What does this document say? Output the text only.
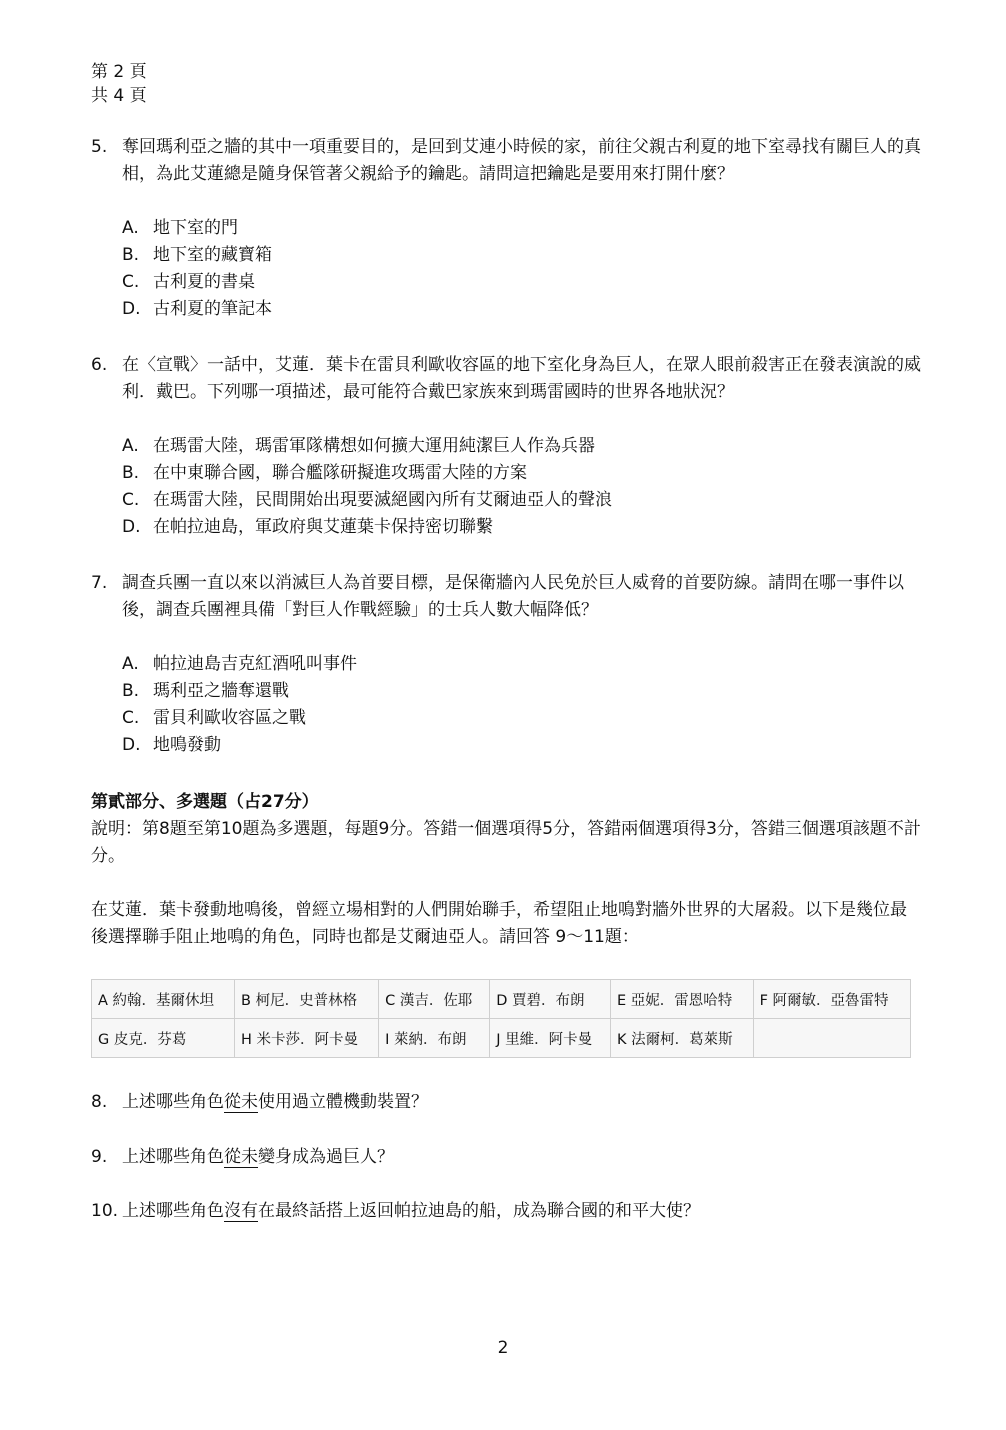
第 2 頁
共 4 頁
5. 奪回瑪利亞之牆的其中一項重要目的，是回到艾連小時候的家，前往父親古利夏的地下室尋找有關巨人的真相，為此艾蓮總是隨身保管著父親給予的鑰匙。請問這把鑰匙是要用來打開什麼？
A. 地下室的門
B. 地下室的藏寶箱
C. 古利夏的書桌
D. 古利夏的筆記本
6. 在〈宣戰〉一話中，艾蓮．葉卡在雷貝利歐收容區的地下室化身為巨人，在眾人眼前殺害正在發表演說的威利．戴巴。下列哪一項描述，最可能符合戴巴家族來到瑪雷國時的世界各地狀況？
A. 在瑪雷大陸，瑪雷軍隊構想如何擴大運用純潔巨人作為兵器
B. 在中東聯合國，聯合艦隊研擬進攻瑪雷大陸的方案
C. 在瑪雷大陸，民間開始出現要滅絕國內所有艾爾迪亞人的聲浪
D. 在帕拉迪島，軍政府與艾蓮葉卡保持密切聯繫
7. 調查兵團一直以來以消滅巨人為首要目標，是保衛牆內人民免於巨人威脅的首要防線。請問在哪一事件以後，調查兵團裡具備「對巨人作戰經驗」的士兵人數大幅降低？
A. 帕拉迪島吉克紅酒吼叫事件
B. 瑪利亞之牆奪還戰
C. 雷貝利歐收容區之戰
D. 地鳴發動
第貳部分、多選題（占27分）
說明：第8題至第10題為多選題，每題9分。答錯一個選項得5分，答錯兩個選項得3分，答錯三個選項該題不計分。
在艾蓮．葉卡發動地鳴後，曾經立場相對的人們開始聯手，希望阻止地鳴對牆外世界的大屠殺。以下是幾位最後選擇聯手阻止地鳴的角色，同時也都是艾爾迪亞人。請回答 9～11題：
A 約翰．基爾休坦	B 柯尼．史普林格	C 漢吉．佐耶	D 賈碧．布朗	E 亞妮．雷恩哈特	F 阿爾敏．亞魯雷特
G 皮克．芬葛	H 米卡莎．阿卡曼	I 萊納．布朗	J 里維．阿卡曼	K 法爾柯．葛萊斯	
8. 上述哪些角色從未使用過立體機動裝置？
9. 上述哪些角色從未變身成為過巨人？
10. 上述哪些角色沒有在最終話搭上返回帕拉迪島的船，成為聯合國的和平大使？
2
